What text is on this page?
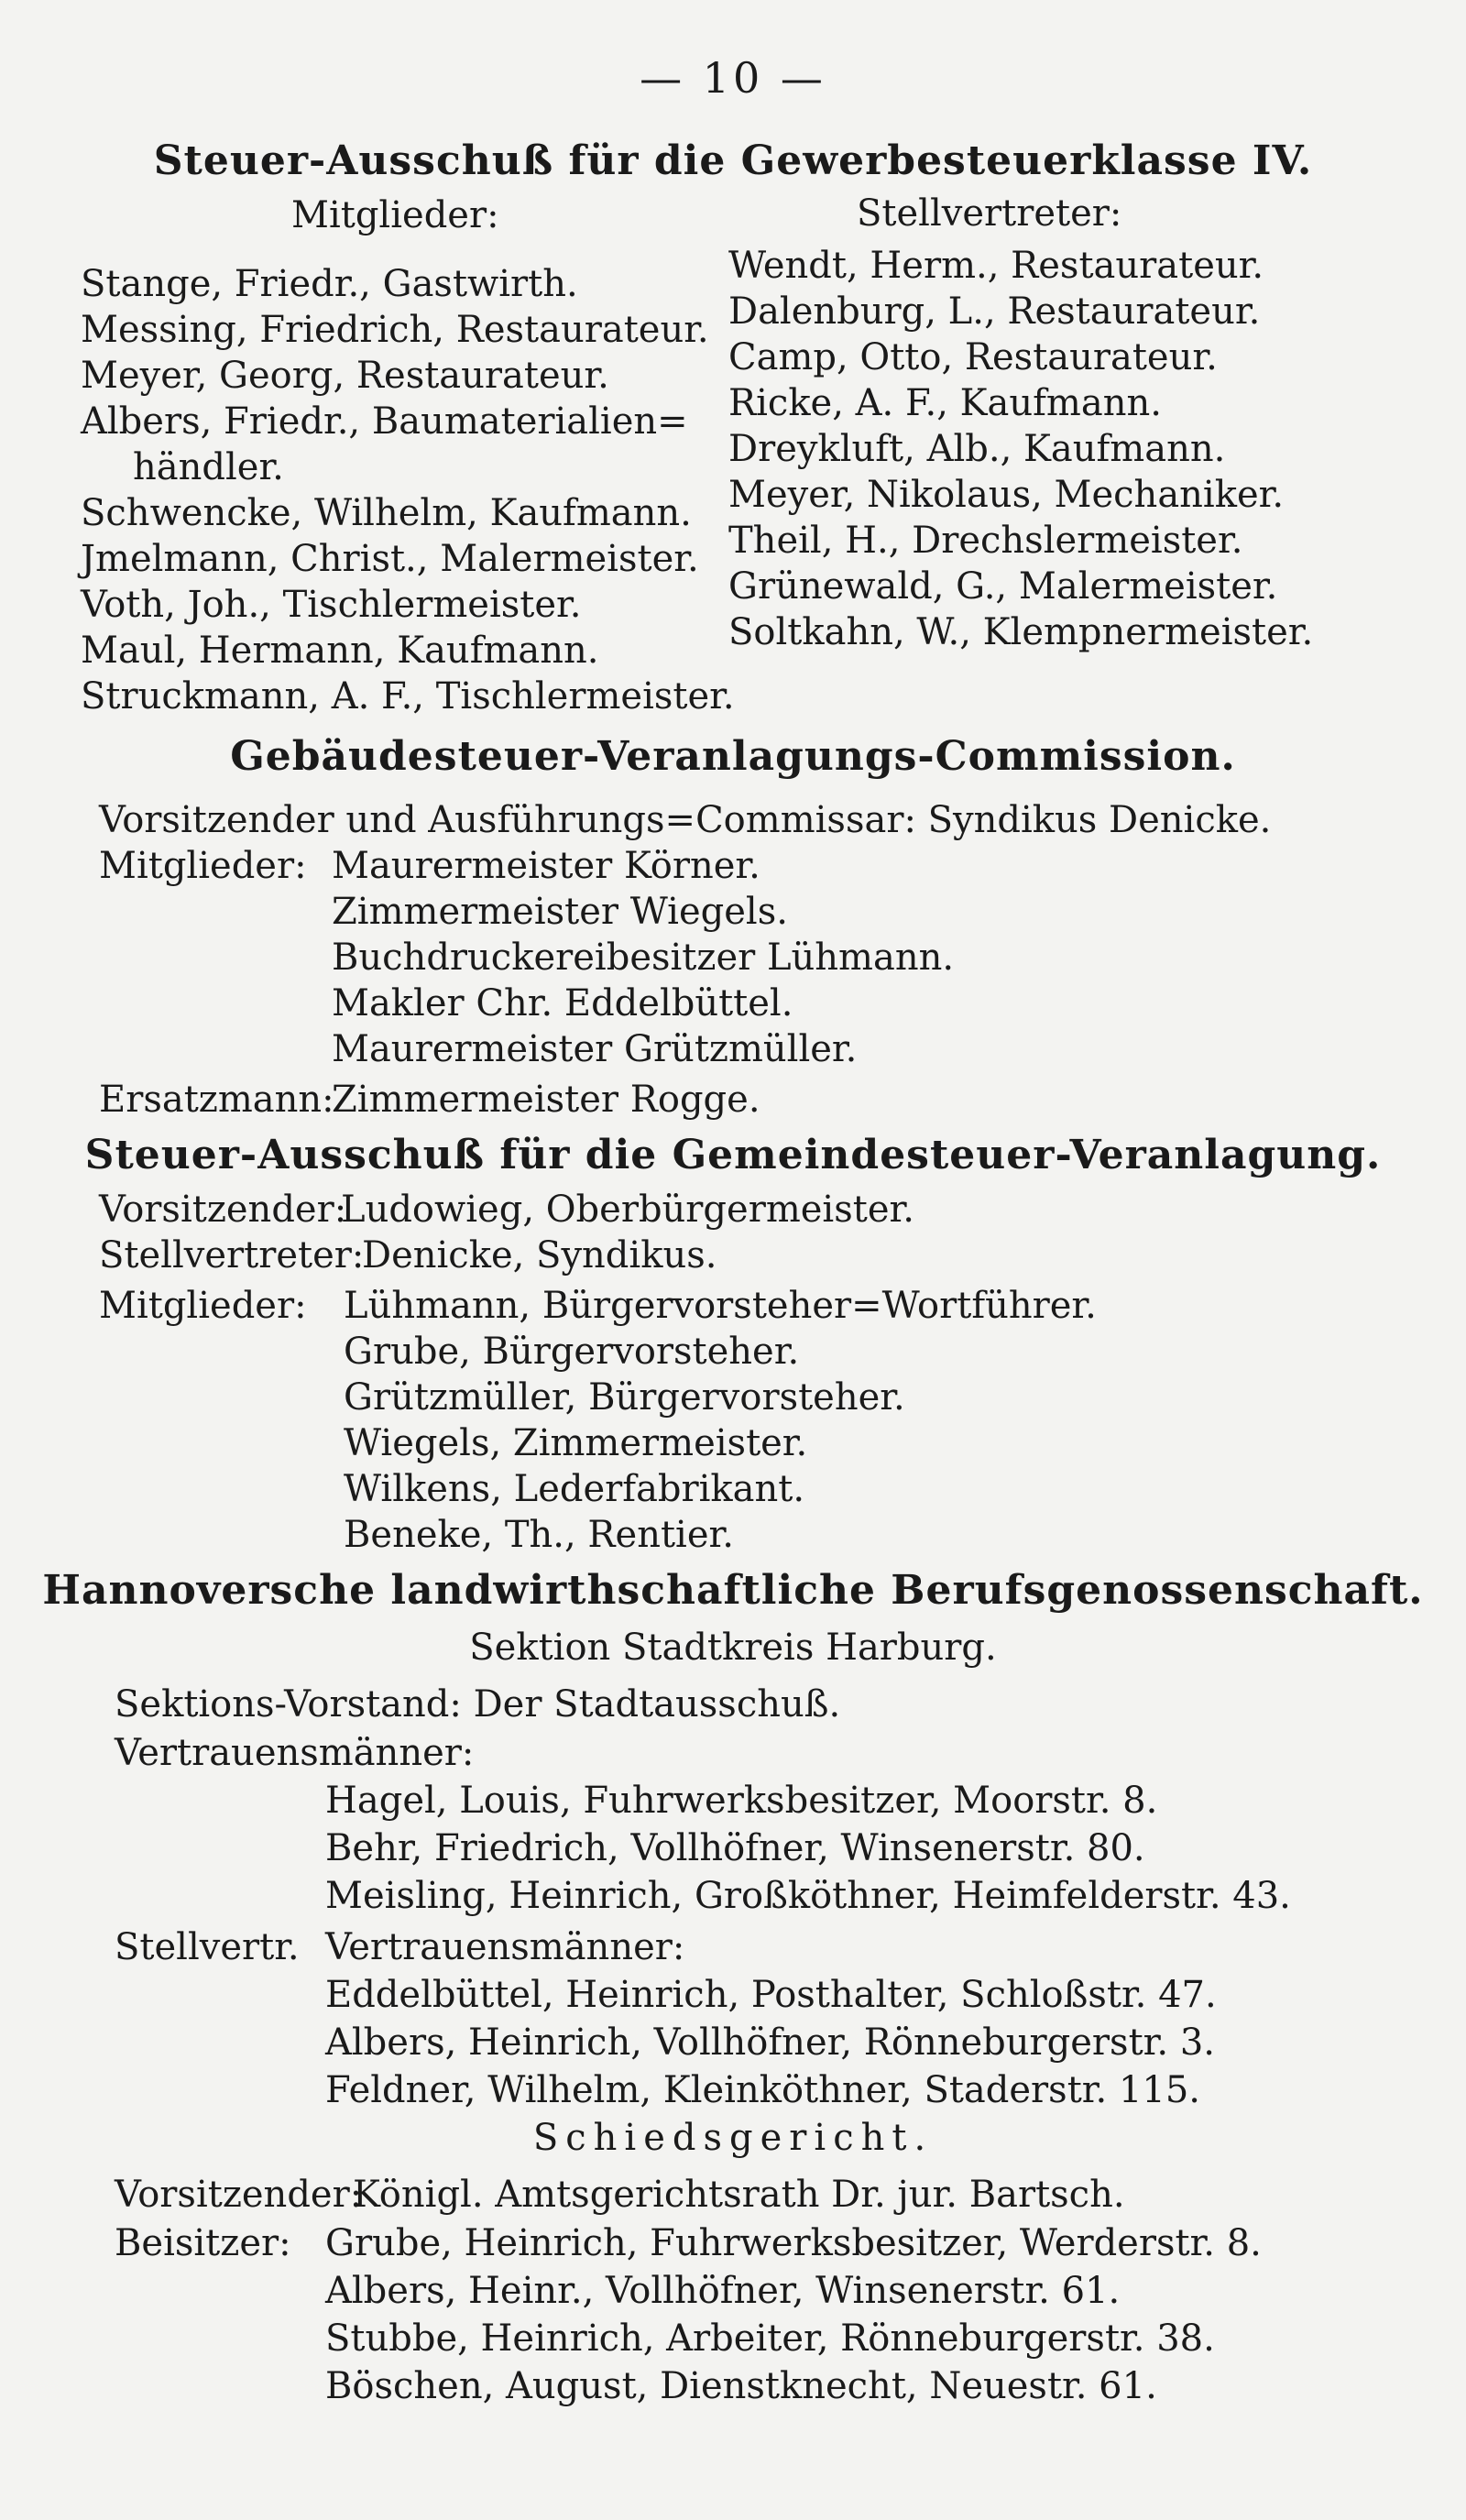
— 10 —
Steuer-Ausschuß für die Gewerbesteuerklasse IV.
Mitglieder:	Stellvertreter:
Stange, Friedr., Gastwirth.
Messing, Friedrich, Restaurateur.
Meyer, Georg, Restaurateur.
Albers, Friedr., Baumaterialien=
händler.
Schwencke, Wilhelm, Kaufmann.
Jmelmann, Christ., Malermeister.
Voth, Joh., Tischlermeister.
Maul, Hermann, Kaufmann.
Struckmann, A. F., Tischlermeister.
Wendt, Herm., Restaurateur.
Dalenburg, L., Restaurateur.
Camp, Otto, Restaurateur.
Ricke, A. F., Kaufmann.
Dreykluft, Alb., Kaufmann.
Meyer, Nikolaus, Mechaniker.
Theil, H., Drechslermeister.
Grünewald, G., Malermeister.
Soltkahn, W., Klempnermeister.
Gebäudesteuer-Veranlagungs-Commission.
Vorsitzender und Ausführungs=Commissar: Syndikus Denicke.
Mitglieder: Maurermeister Körner.
Zimmermeister Wiegels.
Buchdruckereibesitzer Lühmann.
Makler Chr. Eddelbüttel.
Maurermeister Grützmüller.
Ersatzmann:
Zimmermeister Rogge.
Steuer-Ausschuß für die Gemeindesteuer-Veranlagung.
Vorsitzender:
Ludowieg, Oberbürgermeister.
Stellvertreter:
Denicke, Syndikus.
Mitglieder: Lühmann, Bürgervorsteher=Wortführer.
Grube, Bürgervorsteher.
Grützmüller, Bürgervorsteher.
Wiegels, Zimmermeister.
Wilkens, Lederfabrikant.
Beneke, Th., Rentier.
Hannoversche landwirthschaftliche Berufsgenossenschaft.
Sektion Stadtkreis Harburg.
Sektions-Vorstand: Der Stadtausschuß.
Vertrauensmänner:
Hagel, Louis, Fuhrwerksbesitzer, Moorstr. 8.
Behr, Friedrich, Vollhöfner, Winsenerstr. 80.
Meisling, Heinrich, Großköthner, Heimfelderstr. 43.
Stellvertr. Vertrauensmänner:
Eddelbüttel, Heinrich, Posthalter, Schloßstr. 47.
Albers, Heinrich, Vollhöfner, Rönneburgerstr. 3.
Feldner, Wilhelm, Kleinköthner, Staderstr. 115.
Schiedsgericht.
Vorsitzender:
Königl. Amtsgerichtsrath Dr. jur. Bartsch.
Beisitzer: Grube, Heinrich, Fuhrwerksbesitzer, Werderstr. 8.
Albers, Heinr., Vollhöfner, Winsenerstr. 61.
Stubbe, Heinrich, Arbeiter, Rönneburgerstr. 38.
Böschen, August, Dienstknecht, Neuestr. 61.
